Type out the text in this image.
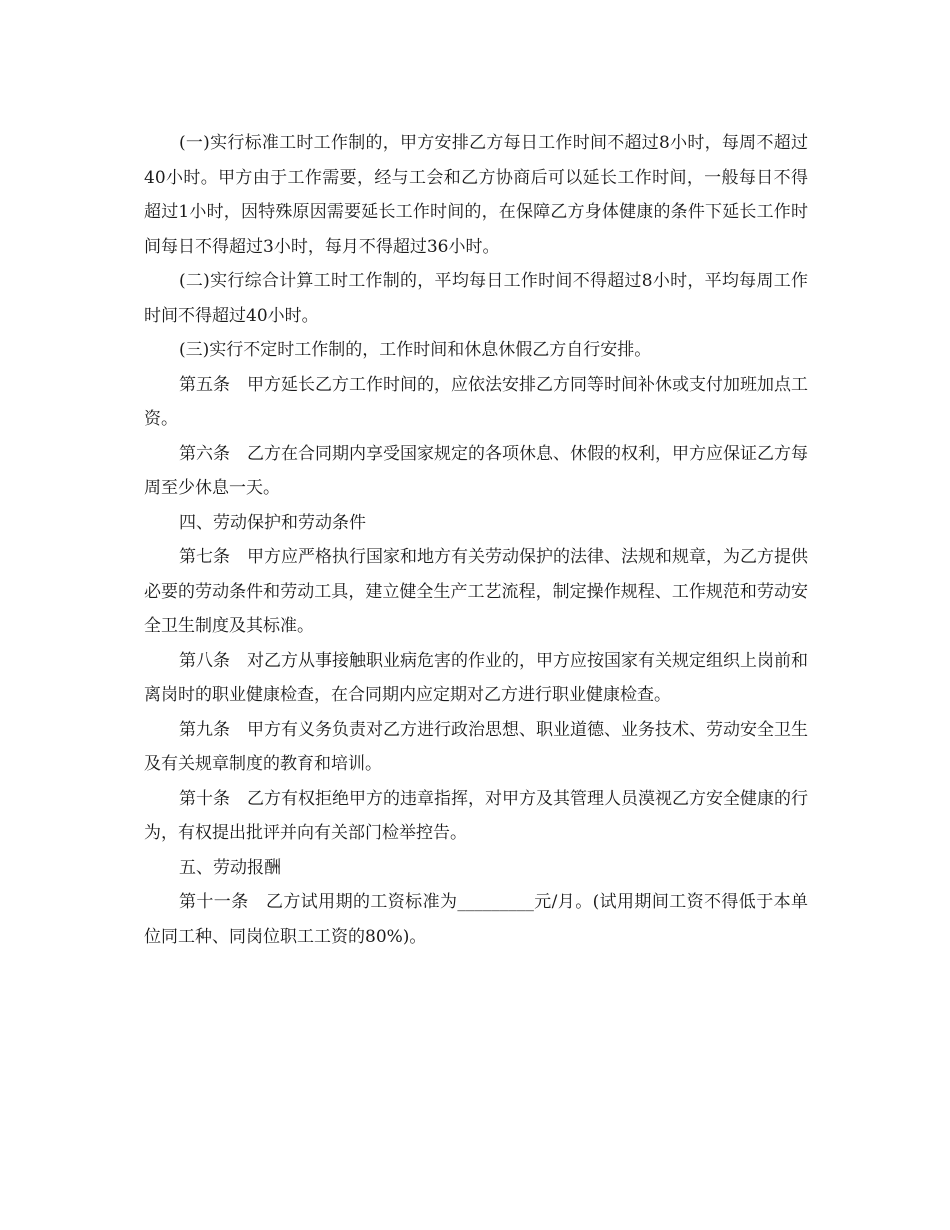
(一)实行标准工时工作制的，甲方安排乙方每日工作时间不超过8小时，每周不超过40小时。甲方由于工作需要，经与工会和乙方协商后可以延长工作时间，一般每日不得超过1小时，因特殊原因需要延长工作时间的，在保障乙方身体健康的条件下延长工作时间每日不得超过3小时，每月不得超过36小时。

(二)实行综合计算工时工作制的，平均每日工作时间不得超过8小时，平均每周工作时间不得超过40小时。

(三)实行不定时工作制的，工作时间和休息休假乙方自行安排。

第五条　甲方延长乙方工作时间的，应依法安排乙方同等时间补休或支付加班加点工资。

第六条　乙方在合同期内享受国家规定的各项休息、休假的权利，甲方应保证乙方每周至少休息一天。

四、劳动保护和劳动条件

第七条　甲方应严格执行国家和地方有关劳动保护的法律、法规和规章，为乙方提供必要的劳动条件和劳动工具，建立健全生产工艺流程，制定操作规程、工作规范和劳动安全卫生制度及其标准。

第八条　对乙方从事接触职业病危害的作业的，甲方应按国家有关规定组织上岗前和离岗时的职业健康检查，在合同期内应定期对乙方进行职业健康检查。

第九条　甲方有义务负责对乙方进行政治思想、职业道德、业务技术、劳动安全卫生及有关规章制度的教育和培训。

第十条　乙方有权拒绝甲方的违章指挥，对甲方及其管理人员漠视乙方安全健康的行为，有权提出批评并向有关部门检举控告。

五、劳动报酬

第十一条　乙方试用期的工资标准为_________元/月。(试用期间工资不得低于本单位同工种、同岗位职工工资的80%)。
